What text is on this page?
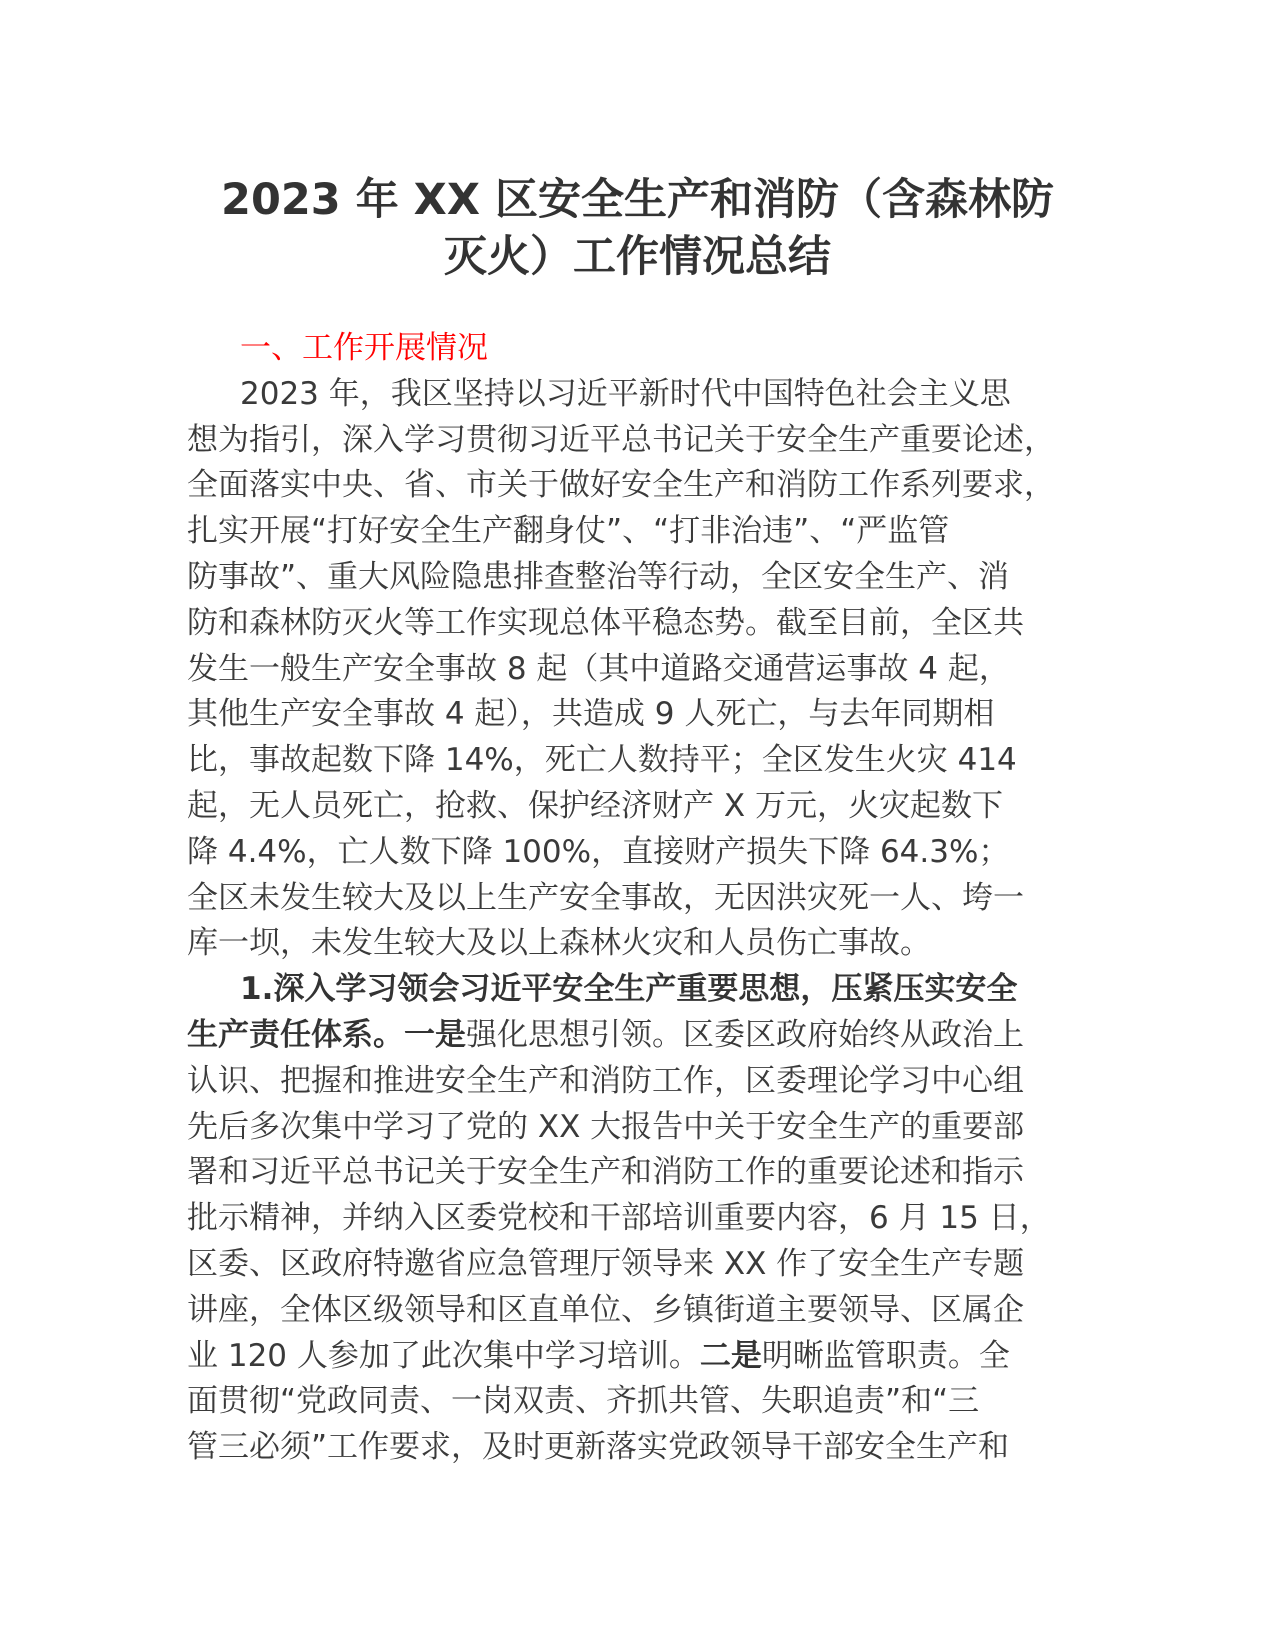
2023 年 XX 区安全生产和消防（含森林防
灭火）工作情况总结
一、工作开展情况
2023 年，我区坚持以习近平新时代中国特色社会主义思
想为指引，深入学习贯彻习近平总书记关于安全生产重要论述，
全面落实中央、省、市关于做好安全生产和消防工作系列要求，
扎实开展“打好安全生产翻身仗”、“打非治违”、“严监管
防事故”、重大风险隐患排查整治等行动，全区安全生产、消
防和森林防灭火等工作实现总体平稳态势。截至目前，全区共
发生一般生产安全事故 8 起（其中道路交通营运事故 4 起，
其他生产安全事故 4 起），共造成 9 人死亡，与去年同期相
比，事故起数下降 14%，死亡人数持平；全区发生火灾 414
起，无人员死亡，抢救、保护经济财产 X 万元，火灾起数下
降 4.4%，亡人数下降 100%，直接财产损失下降 64.3%；
全区未发生较大及以上生产安全事故，无因洪灾死一人、垮一
库一坝，未发生较大及以上森林火灾和人员伤亡事故。
1.深入学习领会习近平安全生产重要思想，压紧压实安全
生产责任体系。一是强化思想引领。区委区政府始终从政治上
认识、把握和推进安全生产和消防工作，区委理论学习中心组
先后多次集中学习了党的 XX 大报告中关于安全生产的重要部
署和习近平总书记关于安全生产和消防工作的重要论述和指示
批示精神，并纳入区委党校和干部培训重要内容，6 月 15 日，
区委、区政府特邀省应急管理厅领导来 XX 作了安全生产专题
讲座，全体区级领导和区直单位、乡镇街道主要领导、区属企
业 120 人参加了此次集中学习培训。二是明晰监管职责。全
面贯彻“党政同责、一岗双责、齐抓共管、失职追责”和“三
管三必须”工作要求，及时更新落实党政领导干部安全生产和
